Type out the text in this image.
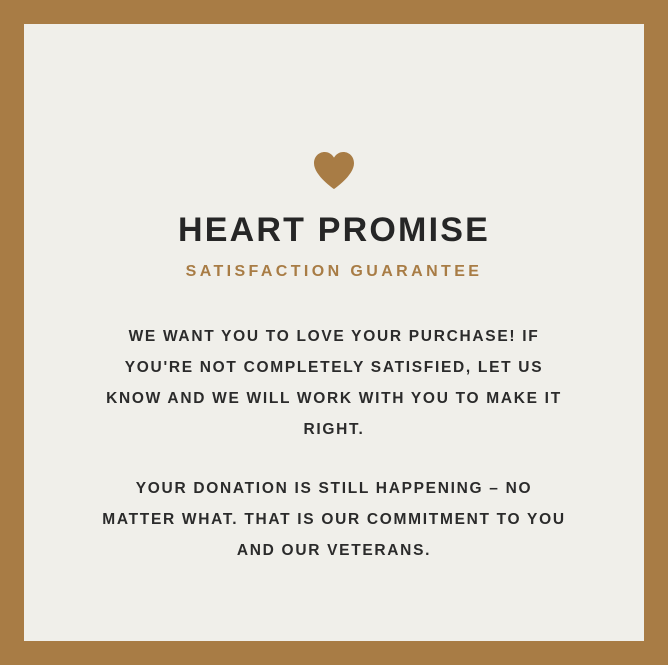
HEART PROMISE
SATISFACTION GUARANTEE
WE WANT YOU TO LOVE YOUR PURCHASE! IF YOU'RE NOT COMPLETELY SATISFIED, LET US KNOW AND WE WILL WORK WITH YOU TO MAKE IT RIGHT.
YOUR DONATION IS STILL HAPPENING – NO MATTER WHAT. THAT IS OUR COMMITMENT TO YOU AND OUR VETERANS.
